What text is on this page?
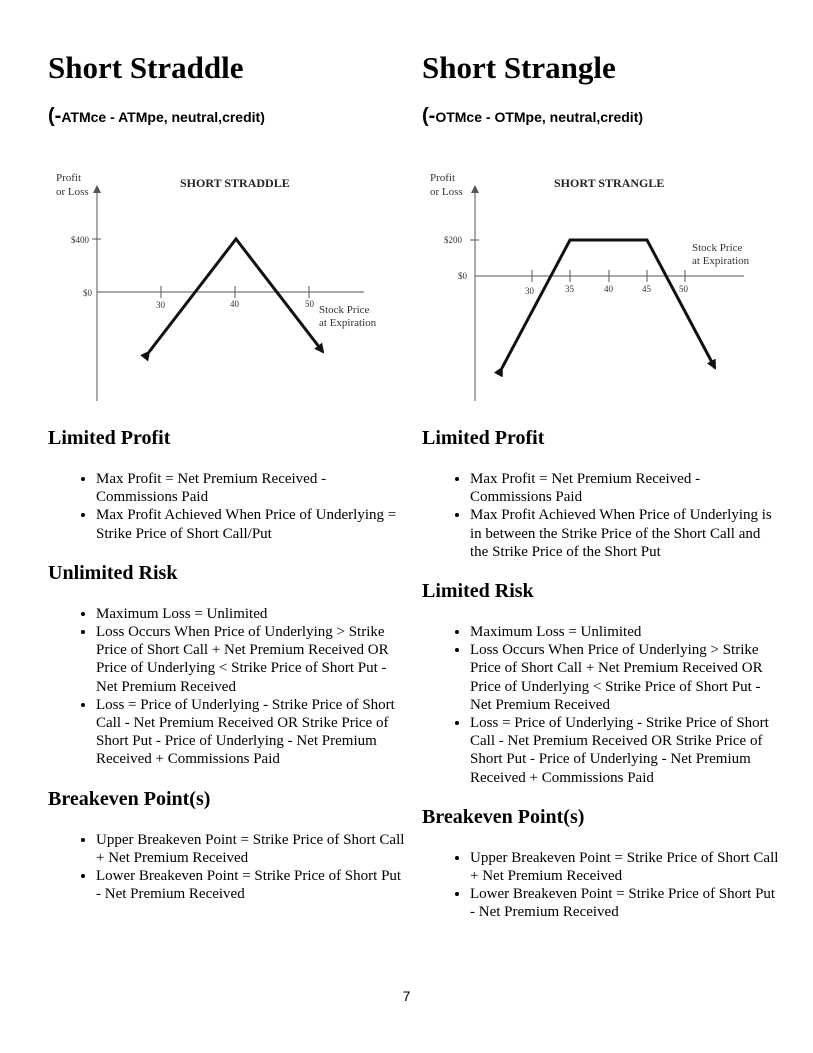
Short Straddle

(-ATMce - ATMpe, neutral,credit)

Profit
or Loss
SHORT STRADDLE
$400
$0
30	40	50 Stock Price
at Expiration
Limited Profit
• Max Profit = Net Premium Received - Commissions Paid
• Max Profit Achieved When Price of Underlying = Strike Price of Short Call/Put
Unlimited Risk
• Maximum Loss = Unlimited
• Loss Occurs When Price of Underlying > Strike Price of Short Call + Net Premium Received OR Price of Underlying < Strike Price of Short Put - Net Premium Received
• Loss = Price of Underlying - Strike Price of Short Call - Net Premium Received OR Strike Price of Short Put - Price of Underlying - Net Premium Received + Commissions Paid
Breakeven Point(s)
• Upper Breakeven Point = Strike Price of Short Call + Net Premium Received
• Lower Breakeven Point = Strike Price of Short Put - Net Premium Received
Short Strangle

(-OTMce - OTMpe, neutral,credit)

Profit
or Loss
SHORT STRANGLE
$200
$0
30	35	40	45	50
Stock Price
at Expiration
Limited Profit
• Max Profit = Net Premium Received - Commissions Paid
• Max Profit Achieved When Price of Underlying is in between the Strike Price of the Short Call and the Strike Price of the Short Put
Limited Risk
• Maximum Loss = Unlimited
• Loss Occurs When Price of Underlying > Strike Price of Short Call + Net Premium Received OR Price of Underlying < Strike Price of Short Put - Net Premium Received
• Loss = Price of Underlying - Strike Price of Short Call - Net Premium Received OR Strike Price of Short Put - Price of Underlying - Net Premium Received + Commissions Paid
Breakeven Point(s)
• Upper Breakeven Point = Strike Price of Short Call + Net Premium Received
• Lower Breakeven Point = Strike Price of Short Put - Net Premium Received
7
